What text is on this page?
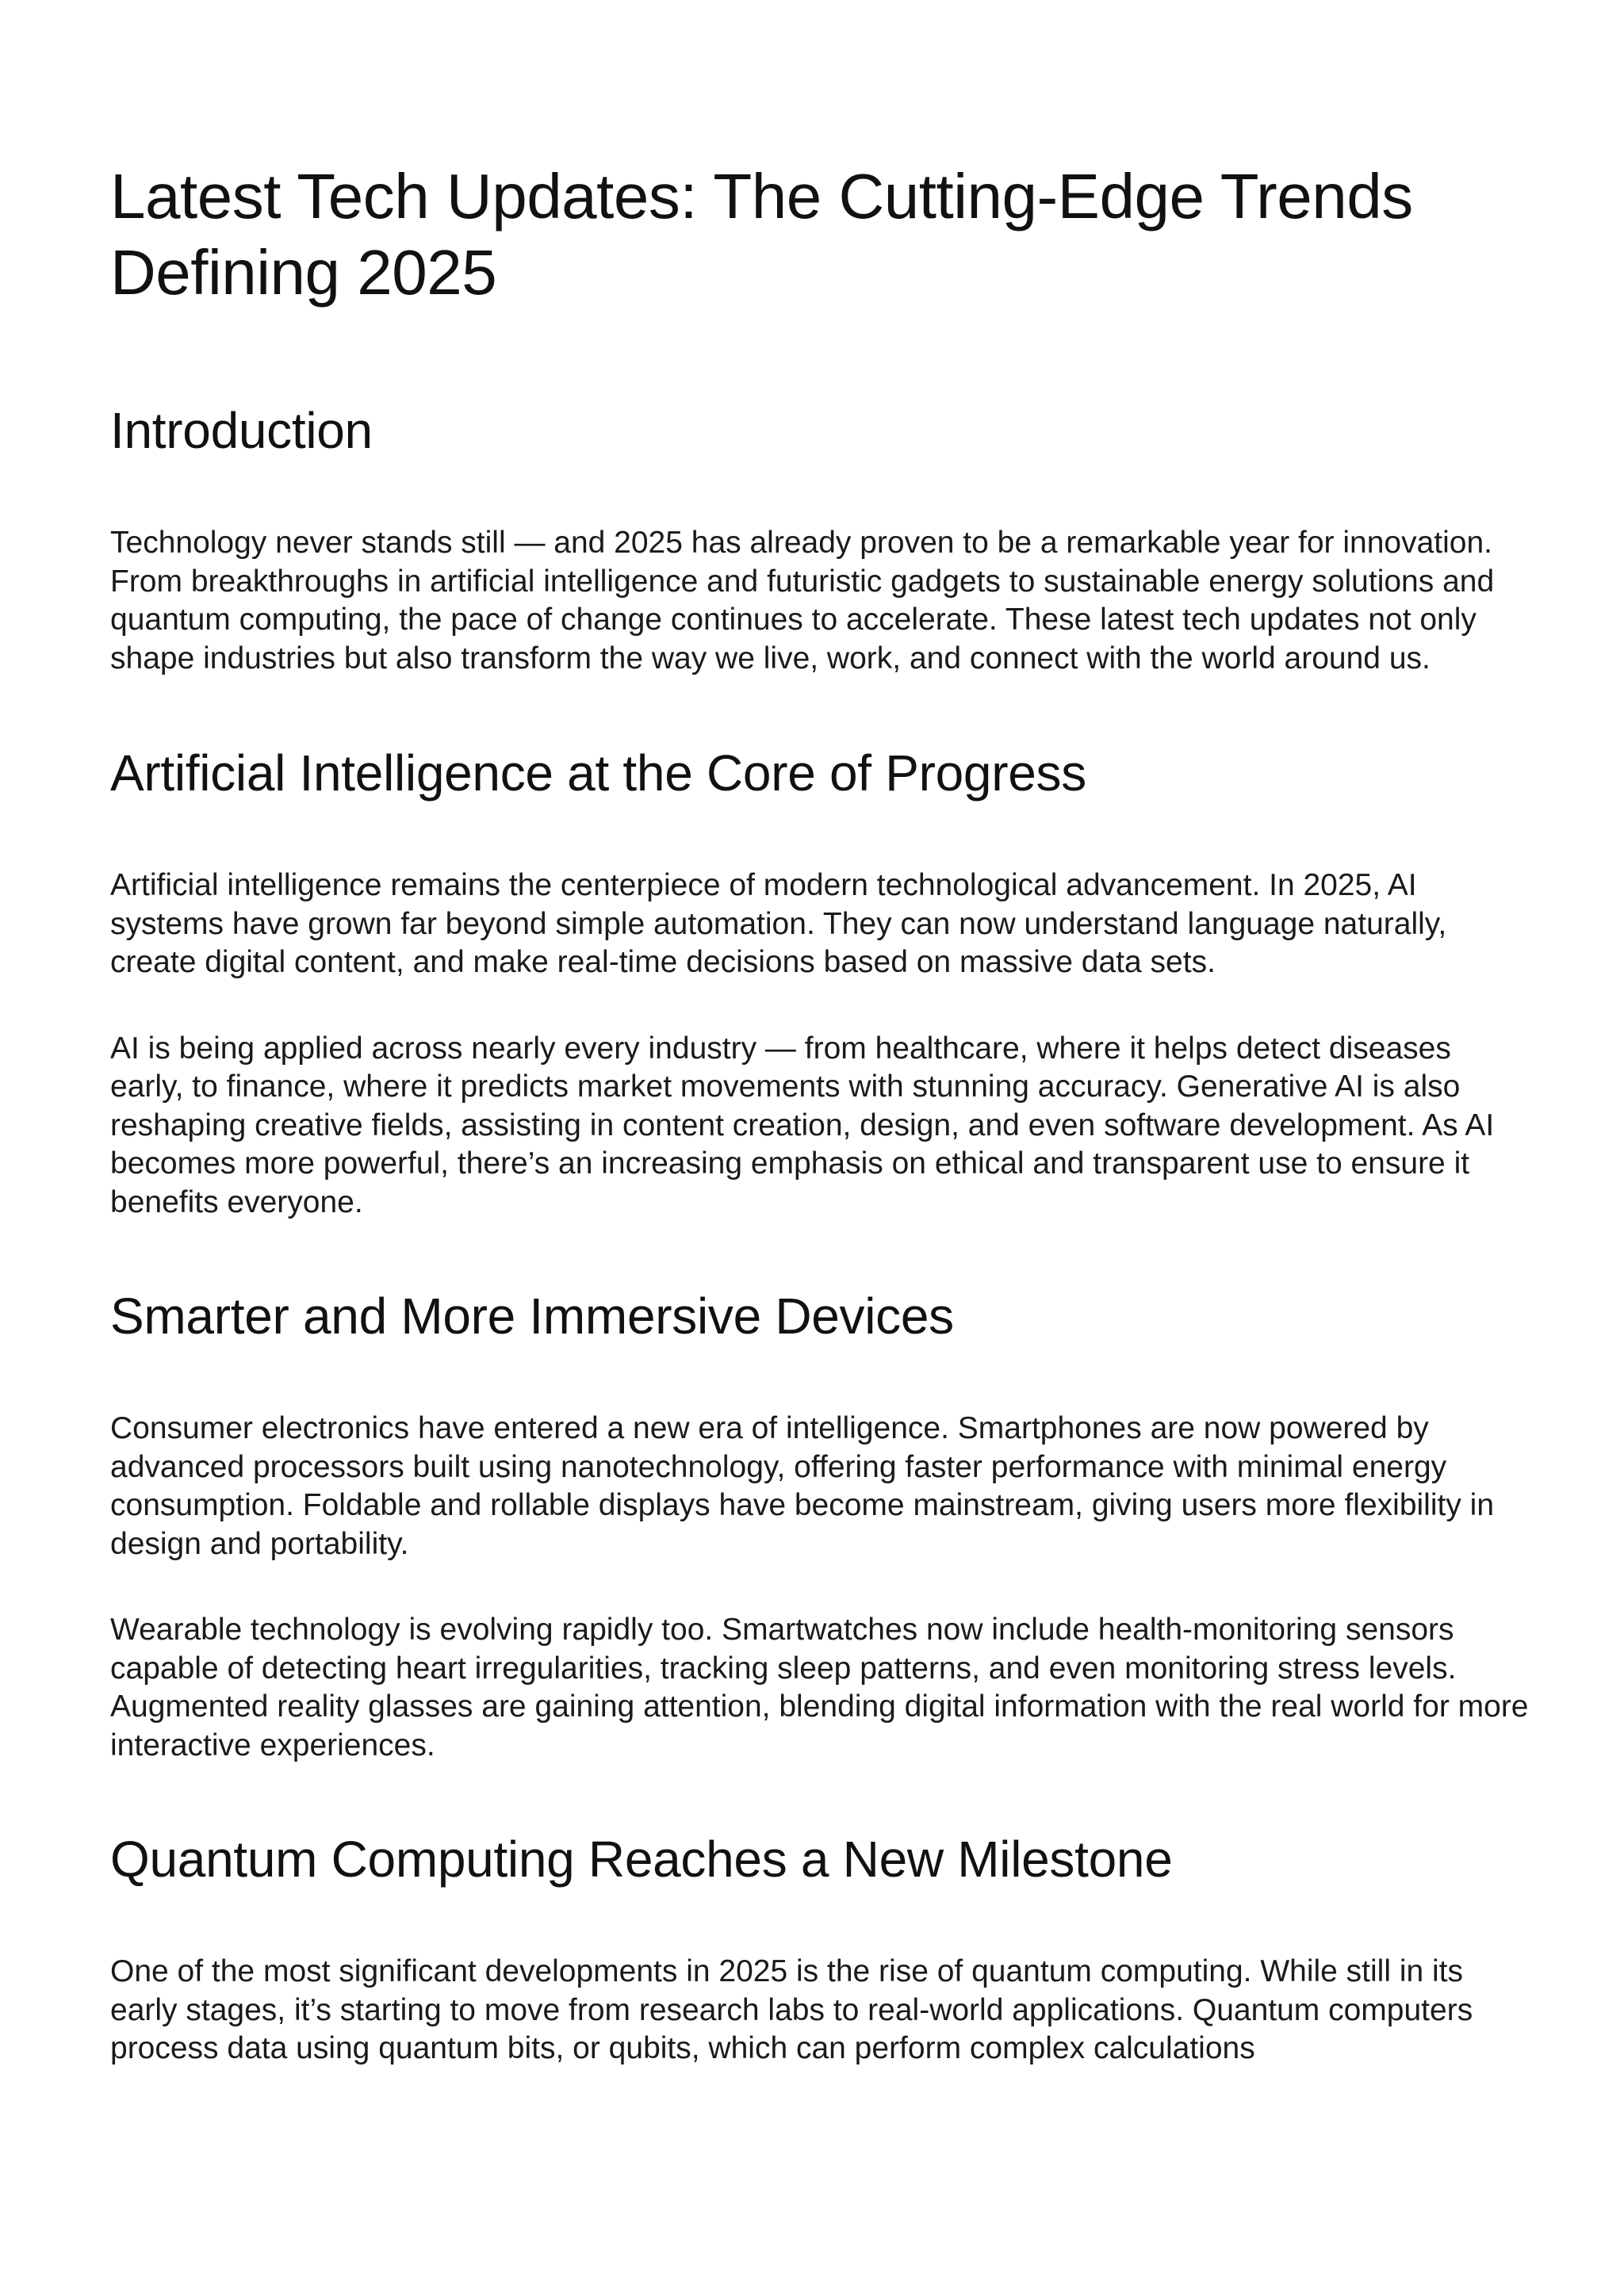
Latest Tech Updates: The Cutting-Edge Trends Defining 2025
Introduction

Technology never stands still — and 2025 has already proven to be a remarkable year for innovation. From breakthroughs in artificial intelligence and futuristic gadgets to sustainable energy solutions and quantum computing, the pace of change continues to accelerate. These latest tech updates not only shape industries but also transform the way we live, work, and connect with the world around us.

Artificial Intelligence at the Core of Progress

Artificial intelligence remains the centerpiece of modern technological advancement. In 2025, AI systems have grown far beyond simple automation. They can now understand language naturally, create digital content, and make real-time decisions based on massive data sets.

AI is being applied across nearly every industry — from healthcare, where it helps detect diseases early, to finance, where it predicts market movements with stunning accuracy. Generative AI is also reshaping creative fields, assisting in content creation, design, and even software development. As AI becomes more powerful, there’s an increasing emphasis on ethical and transparent use to ensure it benefits everyone.

Smarter and More Immersive Devices

Consumer electronics have entered a new era of intelligence. Smartphones are now powered by advanced processors built using nanotechnology, offering faster performance with minimal energy consumption. Foldable and rollable displays have become mainstream, giving users more flexibility in design and portability.

Wearable technology is evolving rapidly too. Smartwatches now include health-monitoring sensors capable of detecting heart irregularities, tracking sleep patterns, and even monitoring stress levels. Augmented reality glasses are gaining attention, blending digital information with the real world for more interactive experiences.

Quantum Computing Reaches a New Milestone

One of the most significant developments in 2025 is the rise of quantum computing. While still in its early stages, it’s starting to move from research labs to real-world applications. Quantum computers process data using quantum bits, or qubits, which can perform complex calculations
